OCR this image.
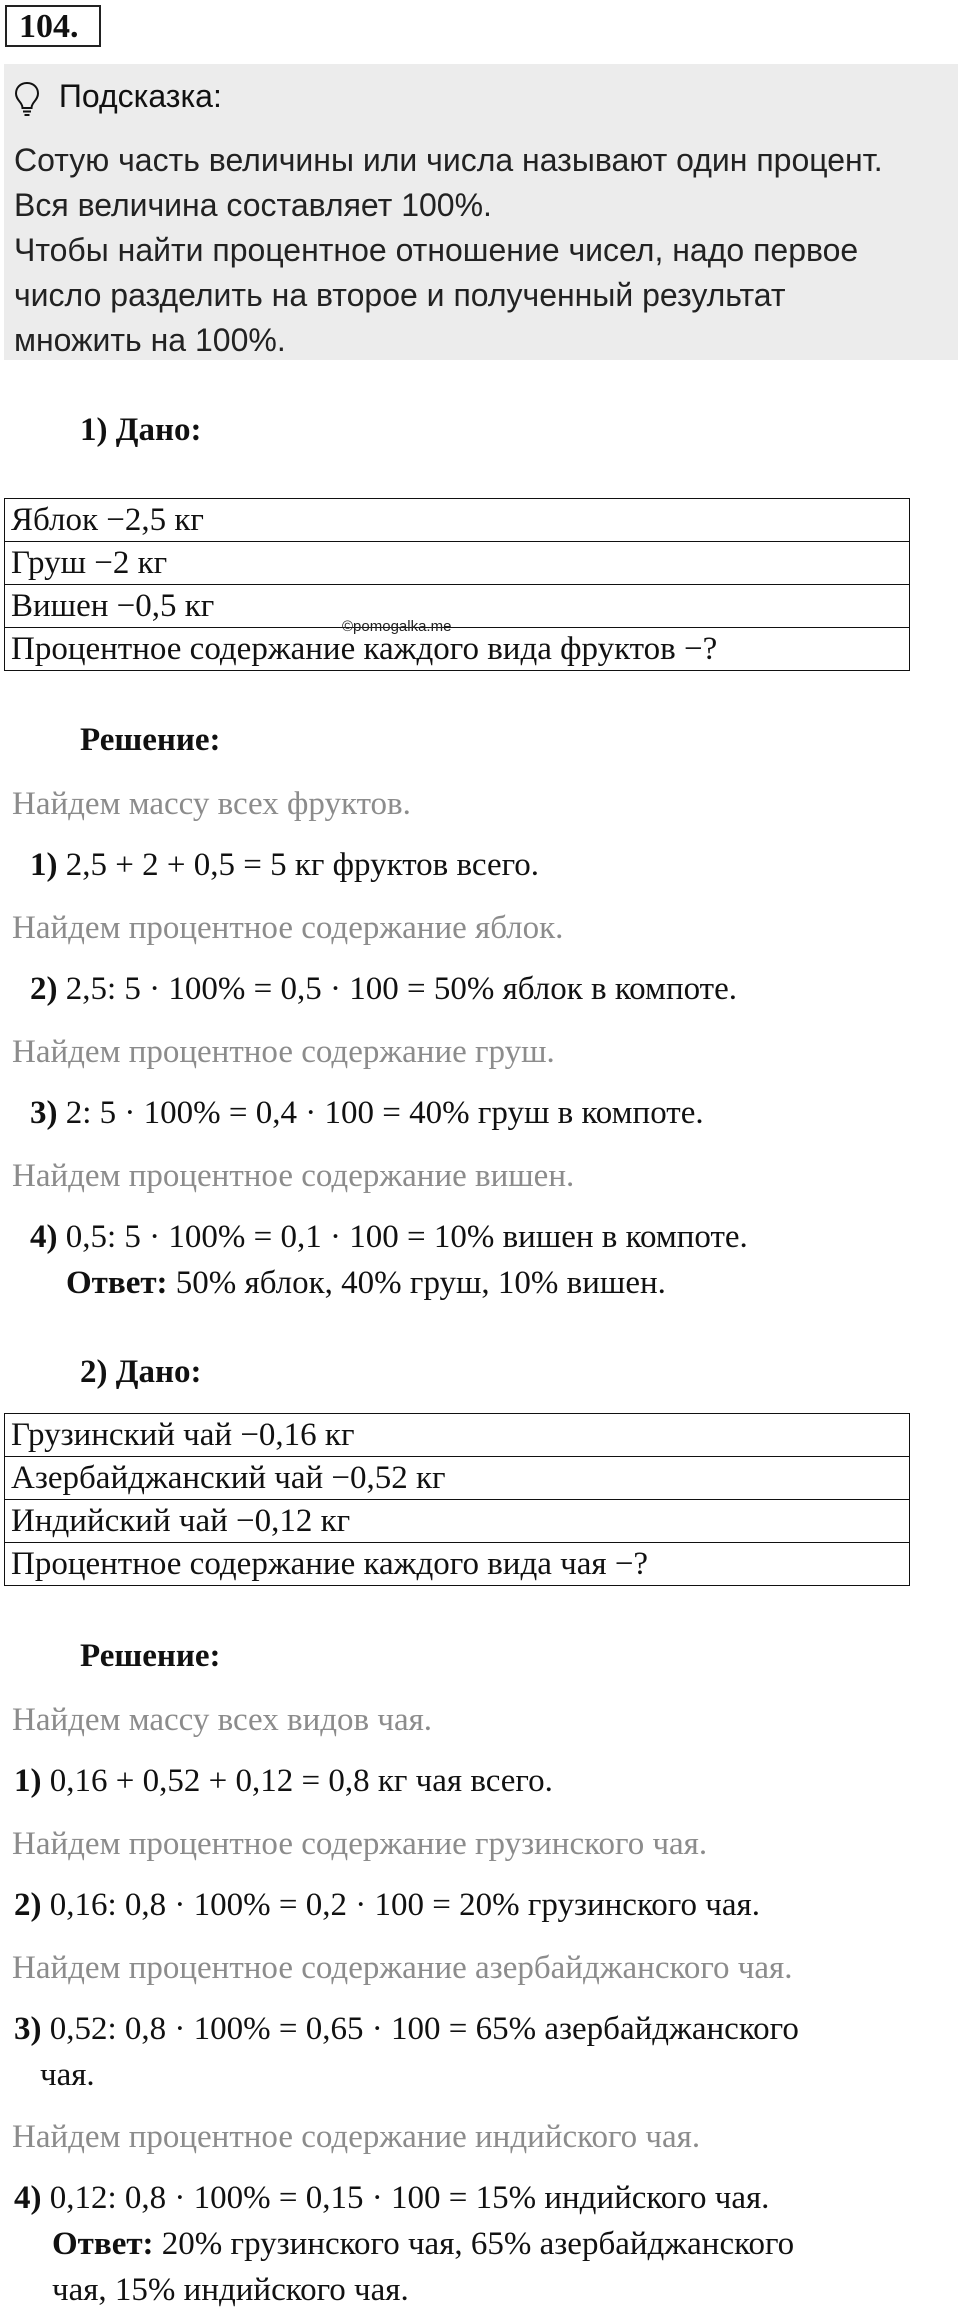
104.
Подсказка:
Сотую часть величины или числа называют один процент.
Вся величина составляет 100%.
Чтобы найти процентное отношение чисел, надо первое
число разделить на второе и полученный результат
множить на 100%.
1) Дано:
Яблок −2,5 кг
Груш −2 кг
Вишен −0,5 кг
Процентное содержание каждого вида фруктов −?
©pomogalka.me
Решение:
Найдем массу всех фруктов.
1) 2,5 + 2 + 0,5 = 5 кг фруктов всего.
Найдем процентное содержание яблок.
2) 2,5: 5 · 100% = 0,5 · 100 = 50% яблок в компоте.
Найдем процентное содержание груш.
3) 2: 5 · 100% = 0,4 · 100 = 40% груш в компоте.
Найдем процентное содержание вишен.
4) 0,5: 5 · 100% = 0,1 · 100 = 10% вишен в компоте.
Ответ: 50% яблок, 40% груш, 10% вишен.
2) Дано:
Грузинский чай −0,16 кг
Азербайджанский чай −0,52 кг
Индийский чай −0,12 кг
Процентное содержание каждого вида чая −?
Решение:
Найдем массу всех видов чая.
1) 0,16 + 0,52 + 0,12 = 0,8 кг чая всего.
Найдем процентное содержание грузинского чая.
2) 0,16: 0,8 · 100% = 0,2 · 100 = 20% грузинского чая.
Найдем процентное содержание азербайджанского чая.
3) 0,52: 0,8 · 100% = 0,65 · 100 = 65% азербайджанского
чая.
Найдем процентное содержание индийского чая.
4) 0,12: 0,8 · 100% = 0,15 · 100 = 15% индийского чая.
Ответ: 20% грузинского чая, 65% азербайджанского
чая, 15% индийского чая.
